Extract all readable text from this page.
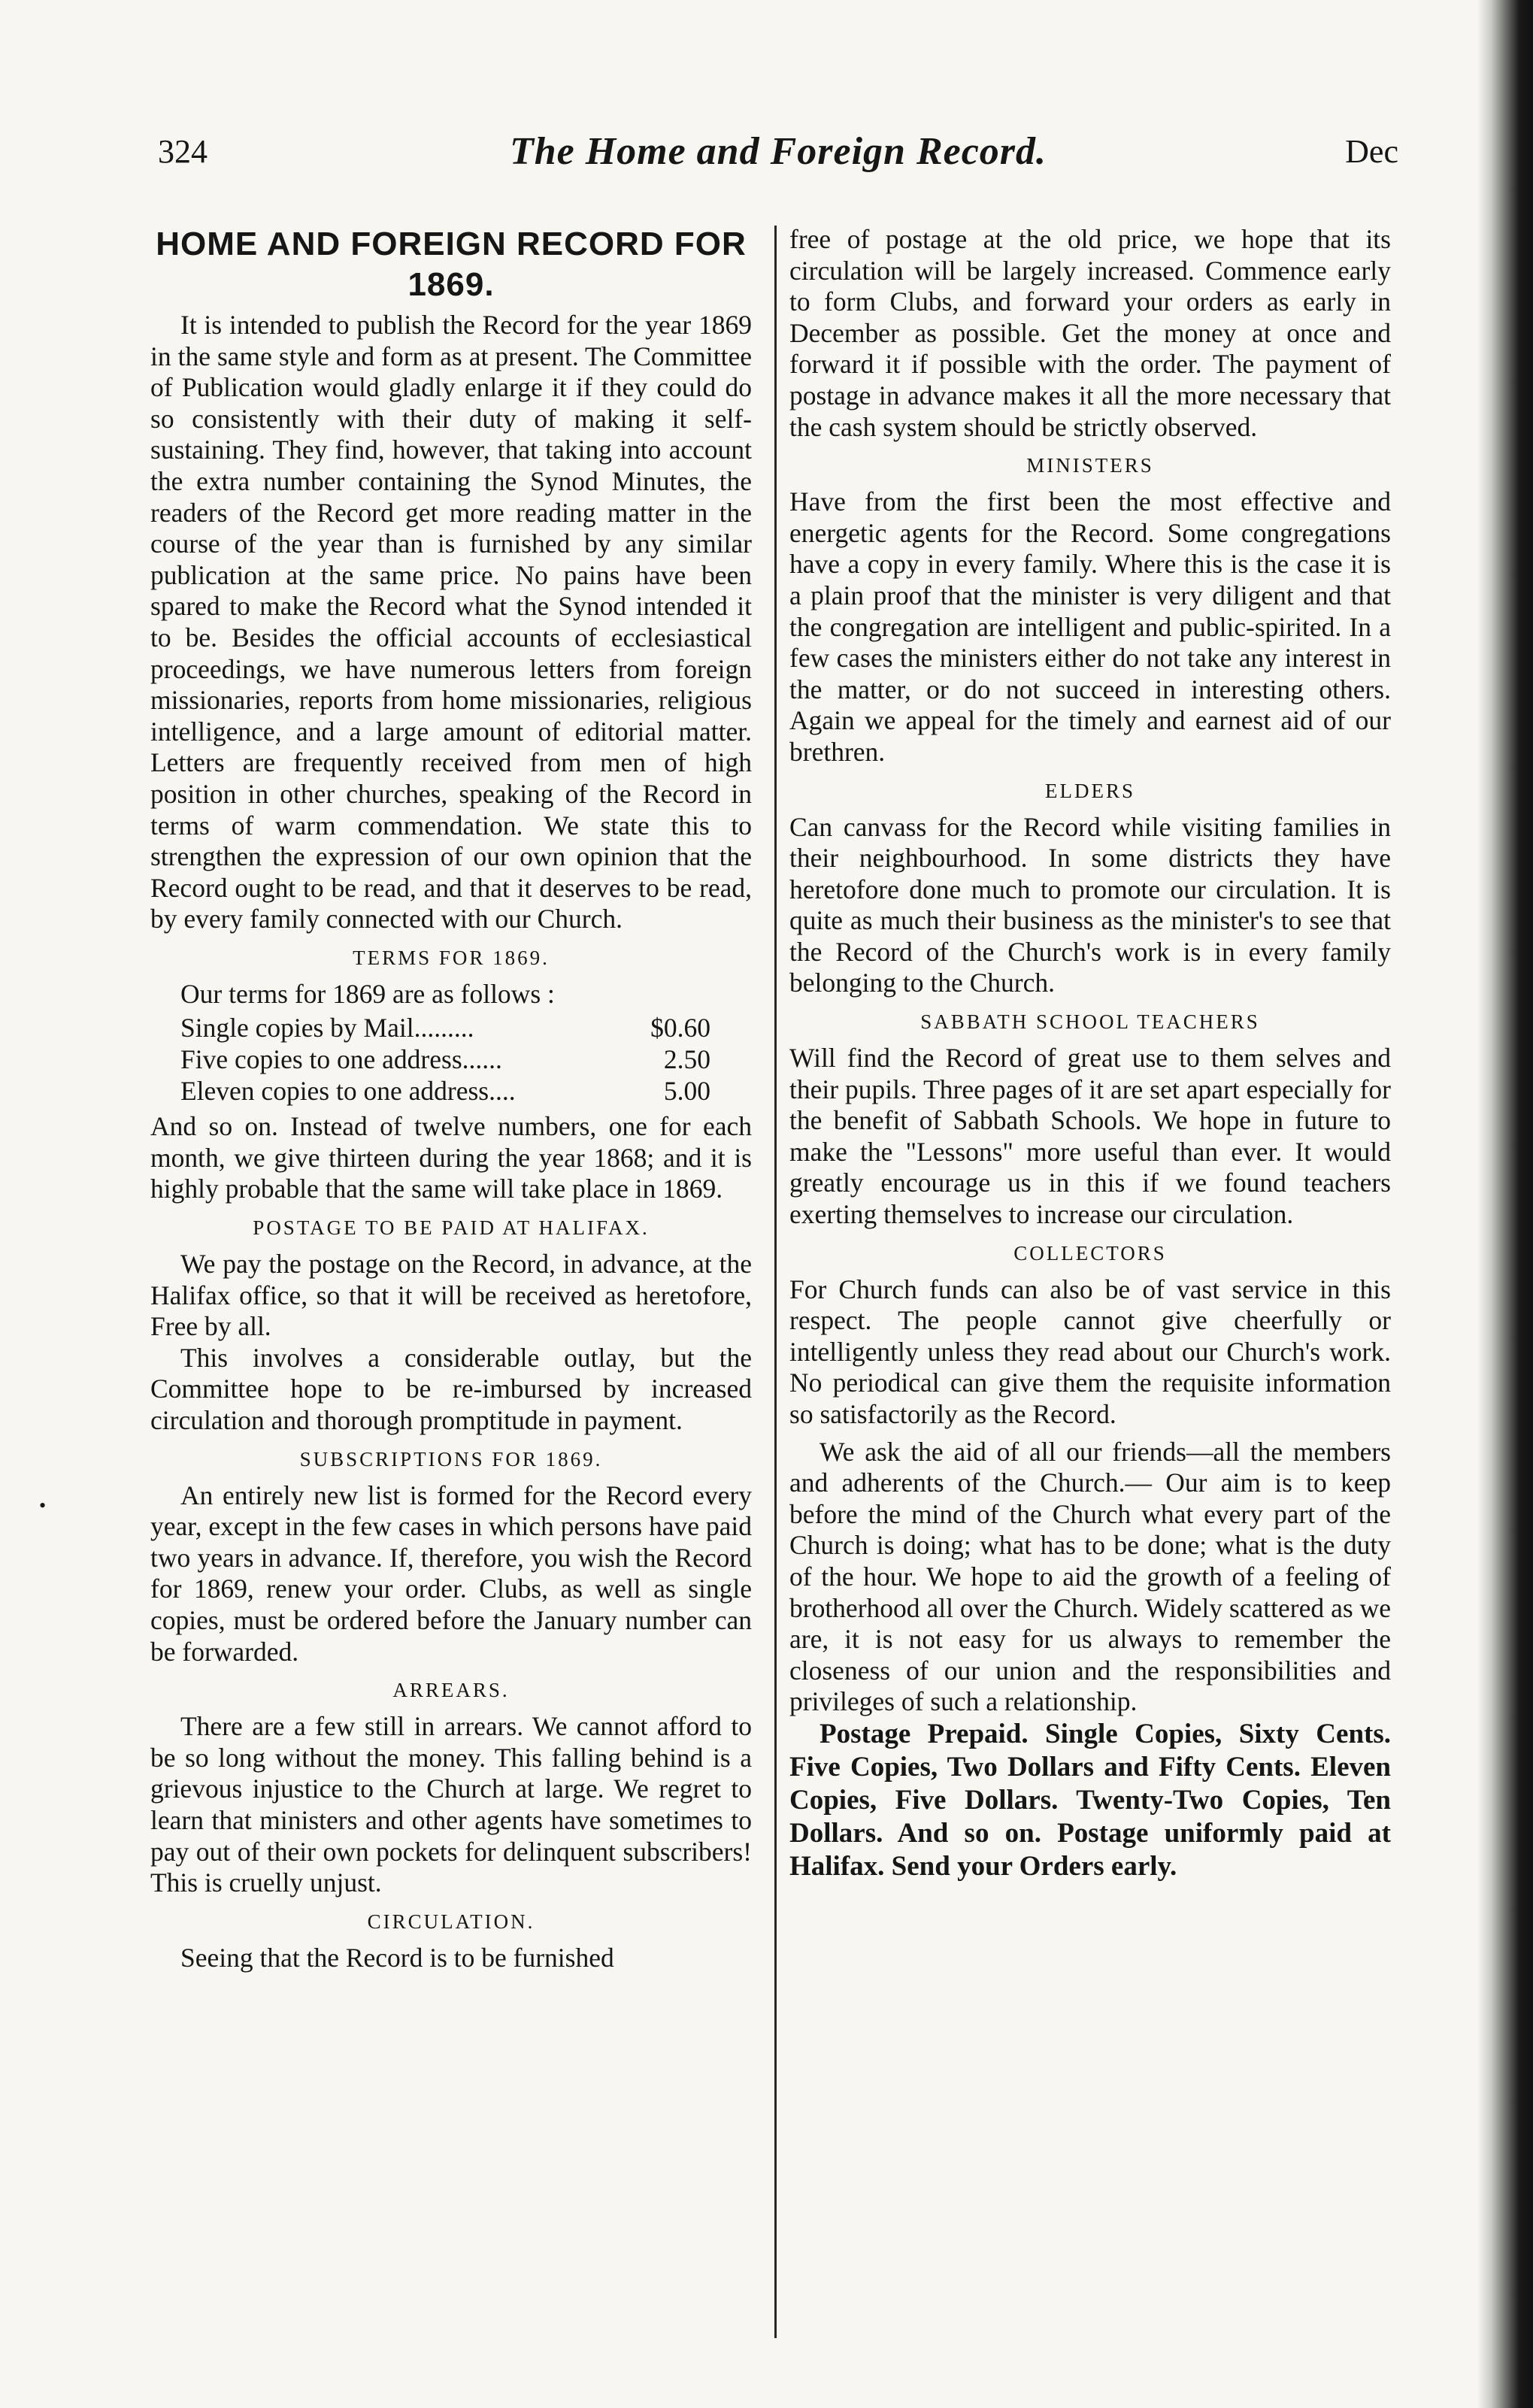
324	The Home and Foreign Record.	Dec
•
HOME AND FOREIGN RECORD FOR 1869.

It is intended to publish the Record for the year 1869 in the same style and form as at present. The Committee of Publication would gladly enlarge it if they could do so consistently with their duty of making it self-sustaining. They find, however, that taking into account the extra number containing the Synod Minutes, the readers of the Record get more reading matter in the course of the year than is furnished by any similar publication at the same price. No pains have been spared to make the Record what the Synod intended it to be. Besides the official accounts of ecclesiastical proceedings, we have numerous letters from foreign missionaries, reports from home missionaries, religious intelligence, and a large amount of editorial matter. Letters are frequently received from men of high position in other churches, speaking of the Record in terms of warm commendation. We state this to strengthen the expression of our own opinion that the Record ought to be read, and that it deserves to be read, by every family connected with our Church.

TERMS FOR 1869.

Our terms for 1869 are as follows :

Single copies by Mail.........	$0.60
Five copies to one address......	2.50
Eleven copies to one address....	5.00

And so on. Instead of twelve numbers, one for each month, we give thirteen during the year 1868; and it is highly probable that the same will take place in 1869.

POSTAGE TO BE PAID AT HALIFAX.

We pay the postage on the Record, in advance, at the Halifax office, so that it will be received as heretofore, Free by all.

This involves a considerable outlay, but the Committee hope to be re-imbursed by increased circulation and thorough promptitude in payment.

SUBSCRIPTIONS FOR 1869.

An entirely new list is formed for the Record every year, except in the few cases in which persons have paid two years in advance. If, therefore, you wish the Record for 1869, renew your order. Clubs, as well as single copies, must be ordered before the January number can be forwarded.

ARREARS.

There are a few still in arrears. We cannot afford to be so long without the money. This falling behind is a grievous injustice to the Church at large. We regret to learn that ministers and other agents have sometimes to pay out of their own pockets for delinquent subscribers! This is cruelly unjust.

CIRCULATION.

Seeing that the Record is to be furnished

free of postage at the old price, we hope that its circulation will be largely increased. Commence early to form Clubs, and forward your orders as early in December as possible. Get the money at once and forward it if possible with the order. The payment of postage in advance makes it all the more necessary that the cash system should be strictly observed.

MINISTERS

Have from the first been the most effective and energetic agents for the Record. Some congregations have a copy in every family. Where this is the case it is a plain proof that the minister is very diligent and that the congregation are intelligent and public-spirited. In a few cases the ministers either do not take any interest in the matter, or do not succeed in interesting others. Again we appeal for the timely and earnest aid of our brethren.

ELDERS

Can canvass for the Record while visiting families in their neighbourhood. In some districts they have heretofore done much to promote our circulation. It is quite as much their business as the minister's to see that the Record of the Church's work is in every family belonging to the Church.

SABBATH SCHOOL TEACHERS

Will find the Record of great use to them selves and their pupils. Three pages of it are set apart especially for the benefit of Sabbath Schools. We hope in future to make the "Lessons" more useful than ever. It would greatly encourage us in this if we found teachers exerting themselves to increase our circulation.

COLLECTORS

For Church funds can also be of vast service in this respect. The people cannot give cheerfully or intelligently unless they read about our Church's work. No periodical can give them the requisite information so satisfactorily as the Record.

We ask the aid of all our friends—all the members and adherents of the Church.— Our aim is to keep before the mind of the Church what every part of the Church is doing; what has to be done; what is the duty of the hour. We hope to aid the growth of a feeling of brotherhood all over the Church. Widely scattered as we are, it is not easy for us always to remember the closeness of our union and the responsibilities and privileges of such a relationship.

Postage Prepaid. Single Copies, Sixty Cents. Five Copies, Two Dollars and Fifty Cents. Eleven Copies, Five Dollars. Twenty-Two Copies, Ten Dollars. And so on. Postage uniformly paid at Halifax. Send your Orders early.
